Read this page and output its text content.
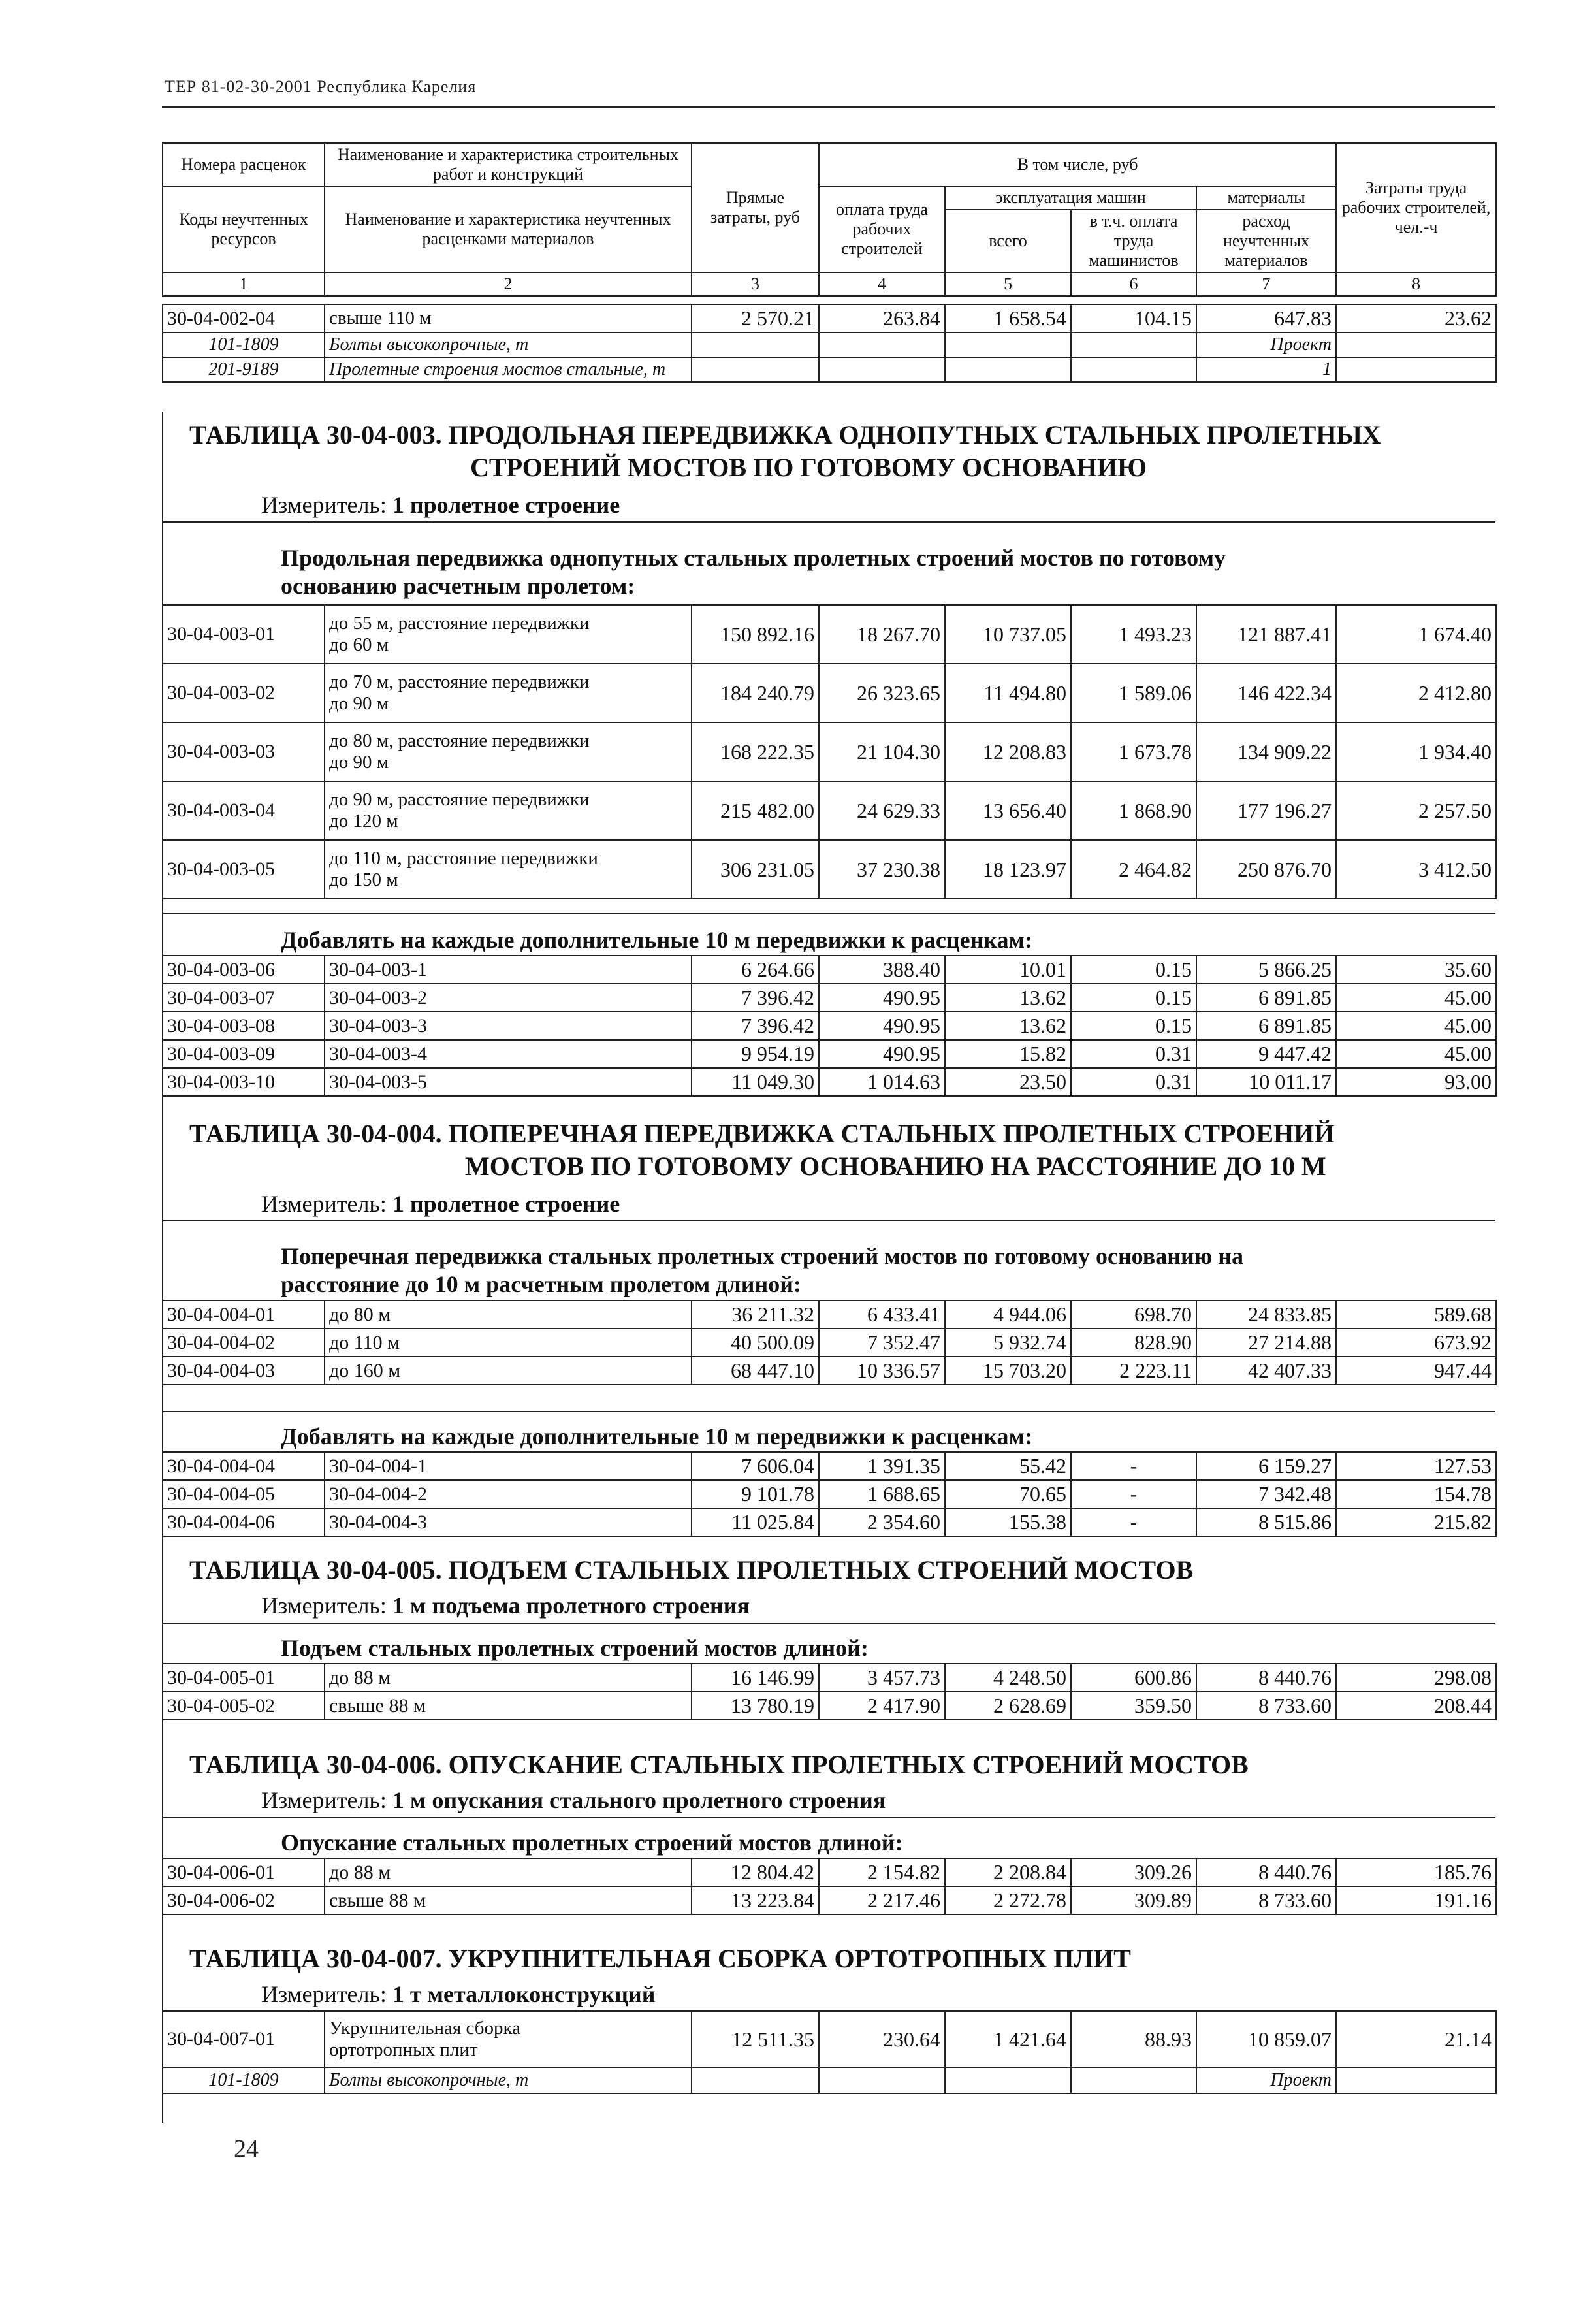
ТЕР 81-02-30-2001 Республика Карелия
Номера расценок	Наименование и характеристика строительных работ и конструкций	Прямые затраты, руб	В том числе, руб				Затраты труда рабочих строителей, чел.-ч
Коды неучтенных ресурсов	Наименование и характеристика неучтенных расценками материалов		оплата труда рабочих строителей	эксплуатация машин		материалы	
				всего	в т.ч. оплата труда машинистов	расход неучтенных материалов	
1	2	3	4	5	6	7	8
30-04-002-04	свыше 110 м	2 570.21	263.84	1 658.54	104.15	647.83	23.62
101-1809	Болты высокопрочные, т					Проект	
201-9189	Пролетные строения мостов стальные, т					1	
ТАБЛИЦА 30-04-003. ПРОДОЛЬНАЯ ПЕРЕДВИЖКА ОДНОПУТНЫХ СТАЛЬНЫХ ПРОЛЕТНЫХ
СТРОЕНИЙ МОСТОВ ПО ГОТОВОМУ ОСНОВАНИЮ
Измеритель: 1 пролетное строение
Продольная передвижка однопутных стальных пролетных строений мостов по готовому
основанию расчетным пролетом:
30-04-003-01	до 55 м, расстояние передвижки
до 60 м	150 892.16	18 267.70	10 737.05	1 493.23	121 887.41	1 674.40
30-04-003-02	до 70 м, расстояние передвижки
до 90 м	184 240.79	26 323.65	11 494.80	1 589.06	146 422.34	2 412.80
30-04-003-03	до 80 м, расстояние передвижки
до 90 м	168 222.35	21 104.30	12 208.83	1 673.78	134 909.22	1 934.40
30-04-003-04	до 90 м, расстояние передвижки
до 120 м	215 482.00	24 629.33	13 656.40	1 868.90	177 196.27	2 257.50
30-04-003-05	до 110 м, расстояние передвижки
до 150 м	306 231.05	37 230.38	18 123.97	2 464.82	250 876.70	3 412.50
Добавлять на каждые дополнительные 10 м передвижки к расценкам:
30-04-003-06	30-04-003-1	6 264.66	388.40	10.01	0.15	5 866.25	35.60
30-04-003-07	30-04-003-2	7 396.42	490.95	13.62	0.15	6 891.85	45.00
30-04-003-08	30-04-003-3	7 396.42	490.95	13.62	0.15	6 891.85	45.00
30-04-003-09	30-04-003-4	9 954.19	490.95	15.82	0.31	9 447.42	45.00
30-04-003-10	30-04-003-5	11 049.30	1 014.63	23.50	0.31	10 011.17	93.00
ТАБЛИЦА 30-04-004. ПОПЕРЕЧНАЯ ПЕРЕДВИЖКА СТАЛЬНЫХ ПРОЛЕТНЫХ СТРОЕНИЙ
МОСТОВ ПО ГОТОВОМУ ОСНОВАНИЮ НА РАССТОЯНИЕ ДО 10 М
Измеритель: 1 пролетное строение
Поперечная передвижка стальных пролетных строений мостов по готовому основанию на
расстояние до 10 м расчетным пролетом длиной:
30-04-004-01	до 80 м	36 211.32	6 433.41	4 944.06	698.70	24 833.85	589.68
30-04-004-02	до 110 м	40 500.09	7 352.47	5 932.74	828.90	27 214.88	673.92
30-04-004-03	до 160 м	68 447.10	10 336.57	15 703.20	2 223.11	42 407.33	947.44
Добавлять на каждые дополнительные 10 м передвижки к расценкам:
30-04-004-04	30-04-004-1	7 606.04	1 391.35	55.42	-	6 159.27	127.53
30-04-004-05	30-04-004-2	9 101.78	1 688.65	70.65	-	7 342.48	154.78
30-04-004-06	30-04-004-3	11 025.84	2 354.60	155.38	-	8 515.86	215.82
ТАБЛИЦА 30-04-005. ПОДЪЕМ СТАЛЬНЫХ ПРОЛЕТНЫХ СТРОЕНИЙ МОСТОВ
Измеритель: 1 м подъема пролетного строения
Подъем стальных пролетных строений мостов длиной:
30-04-005-01	до 88 м	16 146.99	3 457.73	4 248.50	600.86	8 440.76	298.08
30-04-005-02	свыше 88 м	13 780.19	2 417.90	2 628.69	359.50	8 733.60	208.44
ТАБЛИЦА 30-04-006. ОПУСКАНИЕ СТАЛЬНЫХ ПРОЛЕТНЫХ СТРОЕНИЙ МОСТОВ
Измеритель: 1 м опускания стального пролетного строения
Опускание стальных пролетных строений мостов длиной:
30-04-006-01	до 88 м	12 804.42	2 154.82	2 208.84	309.26	8 440.76	185.76
30-04-006-02	свыше 88 м	13 223.84	2 217.46	2 272.78	309.89	8 733.60	191.16
ТАБЛИЦА 30-04-007. УКРУПНИТЕЛЬНАЯ СБОРКА ОРТОТРОПНЫХ ПЛИТ
Измеритель: 1 т металлоконструкций
30-04-007-01	Укрупнительная сборка
ортотропных плит	12 511.35	230.64	1 421.64	88.93	10 859.07	21.14
101-1809	Болты высокопрочные, т					Проект	
24
